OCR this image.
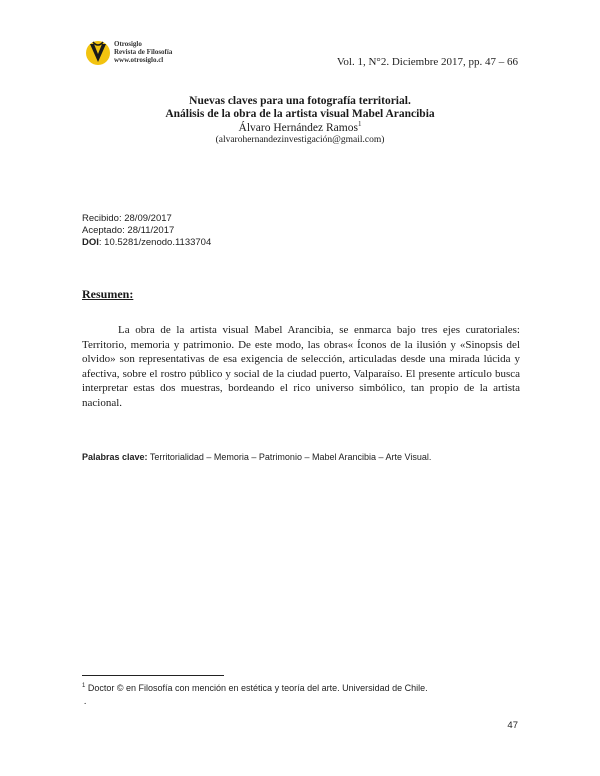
Otrosiglo
Revista de Filosofía
www.otrosiglo.cl	Vol. 1, N°2. Diciembre 2017, pp. 47 – 66
Nuevas claves para una fotografía territorial.
Análisis de la obra de la artista visual Mabel Arancibia
Álvaro Hernández Ramos$^1$
(alvarohernandezinvestigación@gmail.com)
Recibido: 28/09/2017
Aceptado: 28/11/2017
DOI: 10.5281/zenodo.1133704
Resumen:
La obra de la artista visual Mabel Arancibia, se enmarca bajo tres ejes curatoriales: Territorio, memoria y patrimonio. De este modo, las obras« Íconos de la ilusión y «Sinopsis del olvido» son representativas de esa exigencia de selección, articuladas desde una mirada lúcida y afectiva, sobre el rostro público y social de la ciudad puerto, Valparaíso. El presente artículo busca interpretar estas dos muestras, bordeando el rico universo simbólico, tan propio de la artista nacional.
Palabras clave: Territorialidad – Memoria – Patrimonio – Mabel Arancibia – Arte Visual.
$^1$ Doctor © en Filosofía con mención en estética y teoría del arte. Universidad de Chile.
.
47
